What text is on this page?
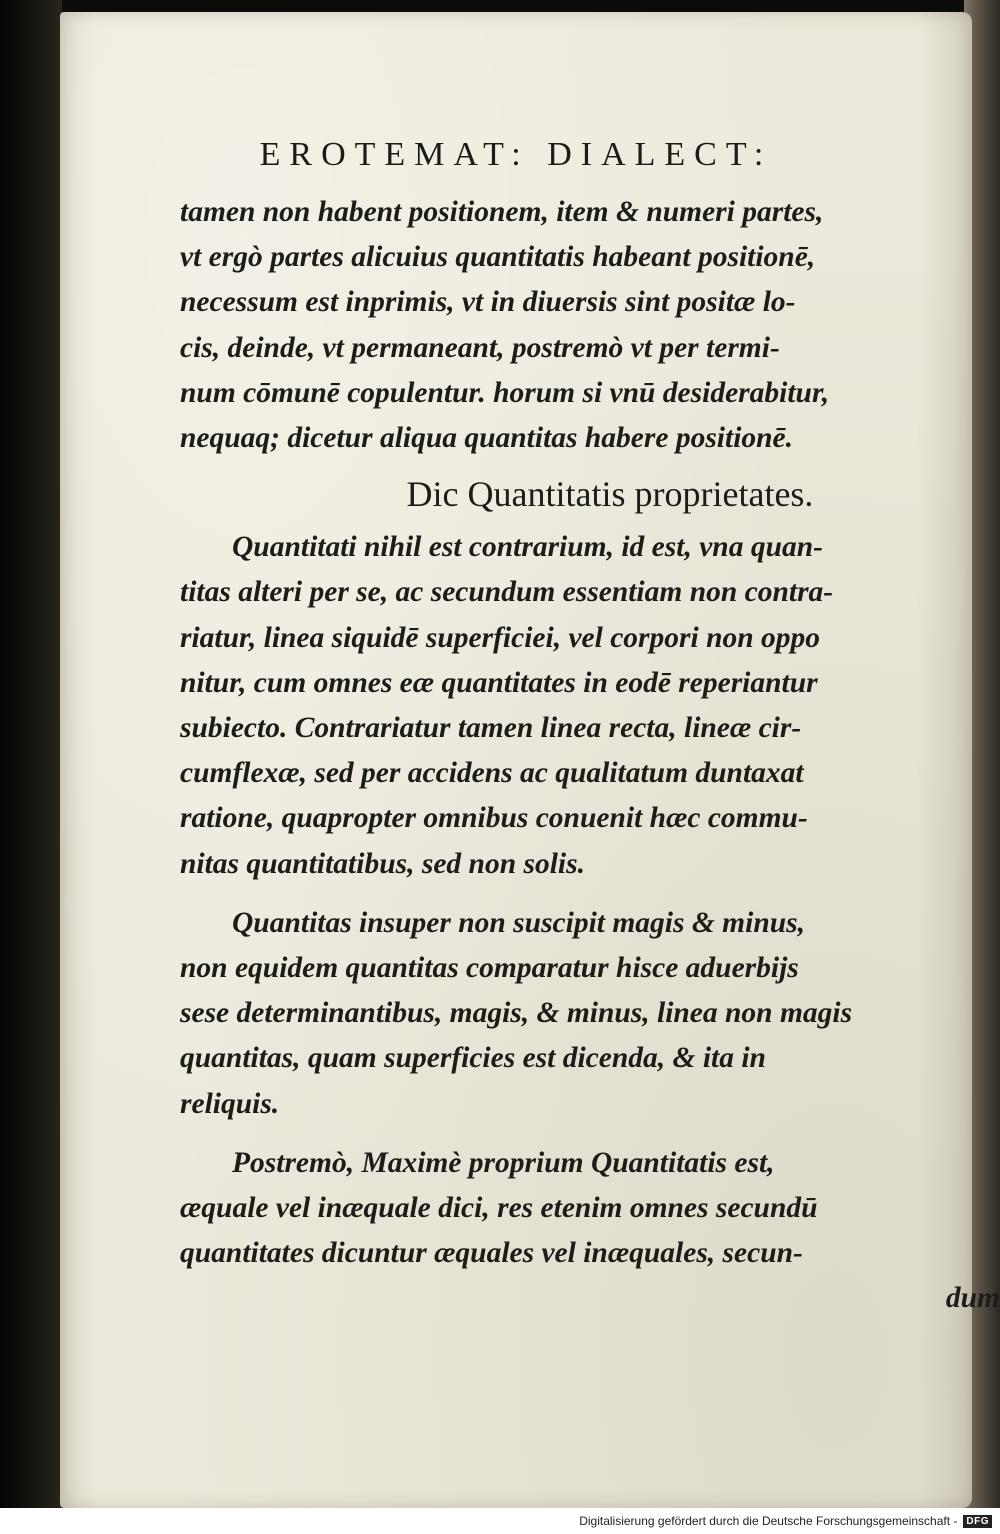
EROTEMAT: DIALECT:
tamen non habent positionem, item & numeri partes,
vt ergò partes alicuius quantitatis habeant positionē,
necessum est inprimis, vt in diuersis sint positæ lo-
cis, deinde, vt permaneant, postremò vt per termi-
num cōmunē copulentur. horum si vnū desiderabitur,
nequaq; dicetur aliqua quantitas habere positionē.
Dic Quantitatis proprietates.
Quantitati nihil est contrarium, id est, vna quan-
titas alteri per se, ac secundum essentiam non contra-
riatur, linea siquidē superficiei, vel corpori non oppo
nitur, cum omnes eæ quantitates in eodē reperiantur
subiecto. Contrariatur tamen linea recta, lineæ cir-
cumflexæ, sed per accidens ac qualitatum duntaxat
ratione, quapropter omnibus conuenit hæc commu-
nitas quantitatibus, sed non solis.
Quantitas insuper non suscipit magis & minus,
non equidem quantitas comparatur hisce aduerbijs
sese determinantibus, magis, & minus, linea non magis
quantitas, quam superficies est dicenda, & ita in
reliquis.
Postremò, Maximè proprium Quantitatis est,
æquale vel inæquale dici, res etenim omnes secundū
quantitates dicuntur æquales vel inæquales, secun-
dum
Digitalisierung gefördert durch die Deutsche Forschungsgemeinschaft - DFG
